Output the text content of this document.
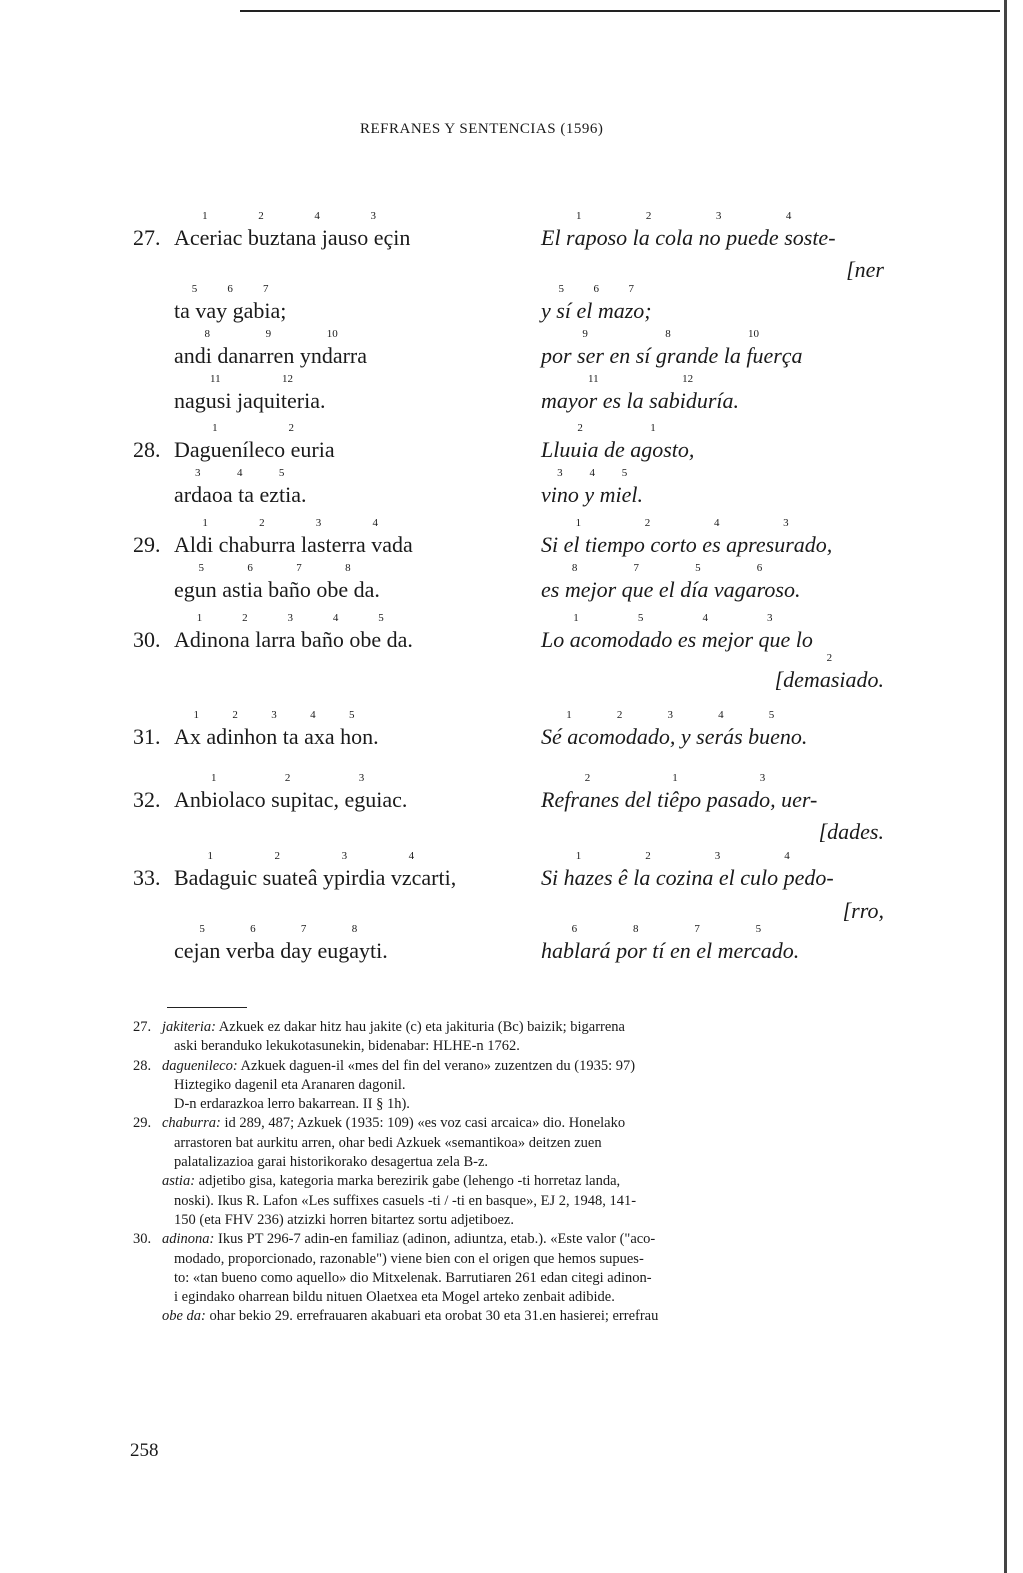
REFRANES Y SENTENCIAS (1596)
27. Aceriac buztana jauso eçin
1	2	4	3
ta vay gabia;
5	6	7
andi danarren yndarra
8	9	10
nagusi jaquiteria.
11	12
El raposo la cola no puede soste-
1	2	3	4
[ner
y sí el mazo;
5	6	7
por ser en sí grande la fuerça
9	8	10
mayor es la sabiduría.
11	12
28. Dagueníleco euria
1	2
ardaoa ta eztia.
3	4	5
Lluuia de agosto,
2	1
vino y miel.
3 4 5
29. Aldi chaburra lasterra vada
1	2	3	4
egun astia baño obe da.
5	6	7	8
Si el tiempo corto es apresurado,
1	2	4	3
es mejor que el día vagaroso.
8	7	5	6
30. Adinona larra baño obe da.
1	2	3	4	5
Lo acomodado es mejor que lo
1	5	4	3
[demasiado.
2
31. Ax adinhon ta axa hon.
1	2	3	4	5
Sé acomodado, y serás bueno.
1	2	3	4	5
32. Anbiolaco supitac, eguiac.
1	2	3
Refranes del tiêpo pasado, uer-
2	1	3
[dades.
33. Badaguic suateâ ypirdia vzcarti,
1	2	3	4
cejan verba day eugayti.
5	6	7	8
Si hazes ê la cozina el culo pedo-
1	2	3	4
[rro,
hablará por tí en el mercado.
6	8	7	5
27. jakiteria: Azkuek ez dakar hitz hau jakite (c) eta jakituria (Bc) baizik; bigarrena
aski beranduko lekukotasunekin, bidenabar: HLHE-n 1762.
28. daguenileco: Azkuek daguen-il «mes del fin del verano» zuzentzen du (1935: 97)
Hiztegiko dagenil eta Aranaren dagonil.
D-n erdarazkoa lerro bakarrean. II § 1h).
29. chaburra: id 289, 487; Azkuek (1935: 109) «es voz casi arcaica» dio. Honelako
arrastoren bat aurkitu arren, ohar bedi Azkuek «semantikoa» deitzen zuen
palatalizazioa garai historikorako desagertua zela B-z.
astia: adjetibo gisa, kategoria marka berezirik gabe (lehengo -ti horretaz landa,
noski). Ikus R. Lafon «Les suffixes casuels -ti / -ti en basque», EJ 2, 1948, 141-
150 (eta FHV 236) atzizki horren bitartez sortu adjetiboez.
30. adinona: Ikus PT 296-7 adin-en familiaz (adinon, adiuntza, etab.). «Este valor ("aco-
modado, proporcionado, razonable") viene bien con el origen que hemos supues-
to: «tan bueno como aquello» dio Mitxelenak. Barrutiaren 261 edan citegi adinon-
i egindako oharrean bildu nituen Olaetxea eta Mogel arteko zenbait adibide.
obe da: ohar bekio 29. errefrauaren akabuari eta orobat 30 eta 31.en hasierei; errefrau
258
